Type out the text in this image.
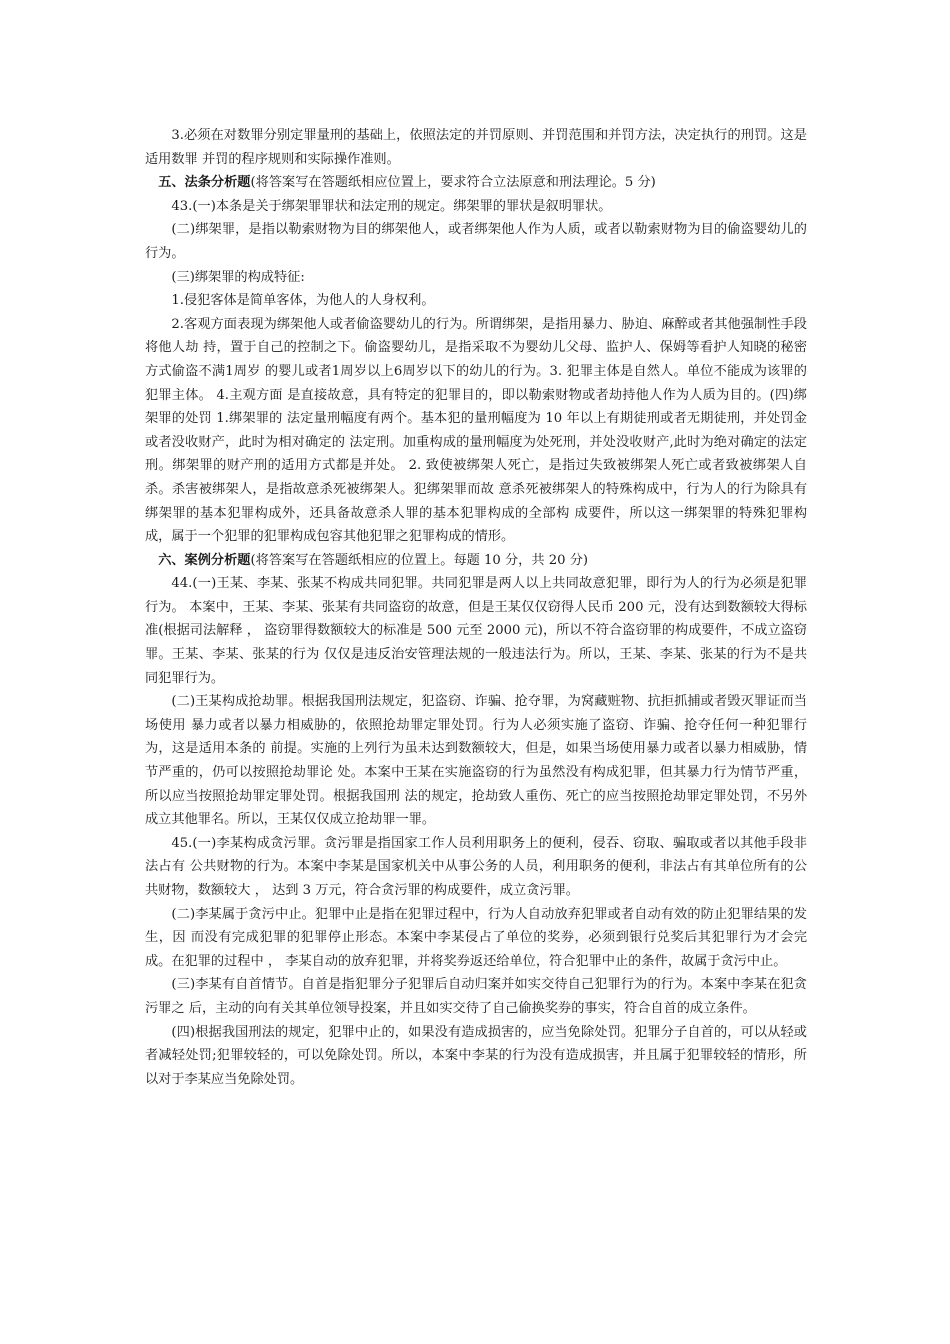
3.必须在对数罪分别定罪量刑的基础上，依照法定的并罚原则、并罚范围和并罚方法，决定执行的刑罚。这是适用数罪 并罚的程序规则和实际操作准则。

五、法条分析题(将答案写在答题纸相应位置上，要求符合立法原意和刑法理论。5 分)

43.(一)本条是关于绑架罪罪状和法定刑的规定。绑架罪的罪状是叙明罪状。

(二)绑架罪，是指以勒索财物为目的绑架他人，或者绑架他人作为人质，或者以勒索财物为目的偷盗婴幼儿的行为。

(三)绑架罪的构成特征:

1.侵犯客体是简单客体，为他人的人身权利。

2.客观方面表现为绑架他人或者偷盗婴幼儿的行为。所谓绑架，是指用暴力、胁迫、麻醉或者其他强制性手段将他人劫 持，置于自己的控制之下。偷盗婴幼儿，是指采取不为婴幼儿父母、监护人、保姆等看护人知晓的秘密方式偷盗不满1周岁 的婴儿或者1周岁以上6周岁以下的幼儿的行为。3. 犯罪主体是自然人。单位不能成为该罪的犯罪主体。 4.主观方面 是直接故意，具有特定的犯罪目的，即以勒索财物或者劫持他人作为人质为目的。(四)绑架罪的处罚 1.绑架罪的 法定量刑幅度有两个。基本犯的量刑幅度为 10 年以上有期徒刑或者无期徒刑，并处罚金或者没收财产，此时为相对确定的 法定刑。加重构成的量刑幅度为处死刑，并处没收财产,此时为绝对确定的法定刑。绑架罪的财产刑的适用方式都是并处。 2. 致使被绑架人死亡，是指过失致被绑架人死亡或者致被绑架人自杀。杀害被绑架人，是指故意杀死被绑架人。犯绑架罪而故 意杀死被绑架人的特殊构成中，行为人的行为除具有绑架罪的基本犯罪构成外，还具备故意杀人罪的基本犯罪构成的全部构 成要件，所以这一绑架罪的特殊犯罪构成，属于一个犯罪的犯罪构成包容其他犯罪之犯罪构成的情形。

六、案例分析题(将答案写在答题纸相应的位置上。每题 10 分，共 20 分)

44.(一)王某、李某、张某不构成共同犯罪。共同犯罪是两人以上共同故意犯罪，即行为人的行为必须是犯罪行为。 本案中，王某、李某、张某有共同盗窃的故意，但是王某仅仅窃得人民币 200 元，没有达到数额较大得标准(根据司法解释 ， 盗窃罪得数额较大的标准是 500 元至 2000 元)，所以不符合盗窃罪的构成要件，不成立盗窃罪。王某、李某、张某的行为 仅仅是违反治安管理法规的一般违法行为。所以，王某、李某、张某的行为不是共同犯罪行为。

(二)王某构成抢劫罪。根据我国刑法规定，犯盗窃、诈骗、抢夺罪，为窝藏赃物、抗拒抓捕或者毁灭罪证而当场使用 暴力或者以暴力相威胁的，依照抢劫罪定罪处罚。行为人必须实施了盗窃、诈骗、抢夺任何一种犯罪行为，这是适用本条的 前提。实施的上列行为虽未达到数额较大，但是，如果当场使用暴力或者以暴力相威胁，情节严重的，仍可以按照抢劫罪论 处。本案中王某在实施盗窃的行为虽然没有构成犯罪，但其暴力行为情节严重，所以应当按照抢劫罪定罪处罚。根据我国刑 法的规定，抢劫致人重伤、死亡的应当按照抢劫罪定罪处罚，不另外成立其他罪名。所以，王某仅仅成立抢劫罪一罪。

45.(一)李某构成贪污罪。贪污罪是指国家工作人员利用职务上的便利，侵吞、窃取、骗取或者以其他手段非法占有 公共财物的行为。本案中李某是国家机关中从事公务的人员，利用职务的便利，非法占有其单位所有的公共财物，数额较大 ， 达到 3 万元，符合贪污罪的构成要件，成立贪污罪。

(二)李某属于贪污中止。犯罪中止是指在犯罪过程中，行为人自动放弃犯罪或者自动有效的防止犯罪结果的发生，因 而没有完成犯罪的犯罪停止形态。本案中李某侵占了单位的奖券，必须到银行兑奖后其犯罪行为才会完成。在犯罪的过程中 ， 李某自动的放弃犯罪，并将奖券返还给单位，符合犯罪中止的条件，故属于贪污中止。

(三)李某有自首情节。自首是指犯罪分子犯罪后自动归案并如实交待自己犯罪行为的行为。本案中李某在犯贪污罪之 后，主动的向有关其单位领导投案，并且如实交待了自己偷换奖券的事实，符合自首的成立条件。

(四)根据我国刑法的规定，犯罪中止的，如果没有造成损害的，应当免除处罚。犯罪分子自首的，可以从轻或者减轻处罚;犯罪较轻的，可以免除处罚。所以，本案中李某的行为没有造成损害，并且属于犯罪较轻的情形，所以对于李某应当免除处罚。
